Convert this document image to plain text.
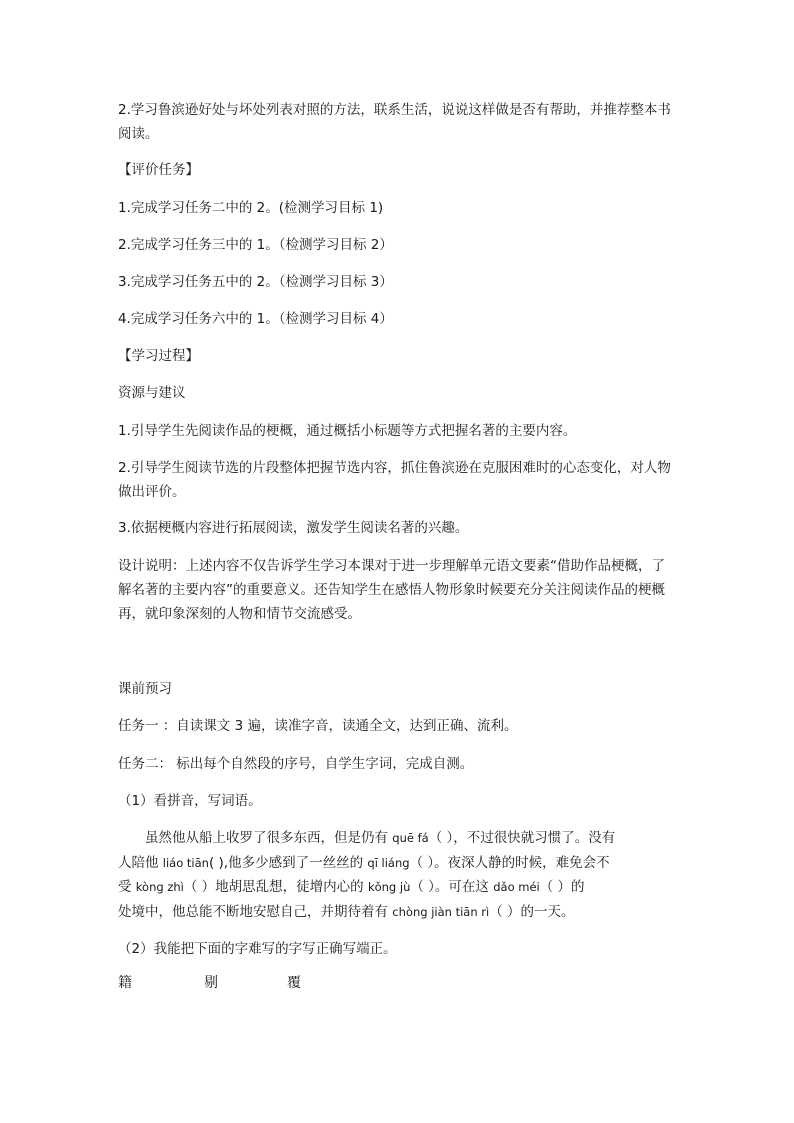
2.学习鲁滨逊好处与坏处列表对照的方法，联系生活，说说这样做是否有帮助，并推荐整本书阅读。
【评价任务】
1.完成学习任务二中的 2。(检测学习目标 1)
2.完成学习任务三中的 1。（检测学习目标 2）
3.完成学习任务五中的 2。（检测学习目标 3）
4.完成学习任务六中的 1。（检测学习目标 4）
【学习过程】
资源与建议
1.引导学生先阅读作品的梗概，通过概括小标题等方式把握名著的主要内容。
2.引导学生阅读节选的片段整体把握节选内容，抓住鲁滨逊在克服困难时的心态变化，对人物做出评价。
3.依据梗概内容进行拓展阅读，激发学生阅读名著的兴趣。
设计说明：上述内容不仅告诉学生学习本课对于进一步理解单元语文要素“借助作品梗概，了解名著的主要内容”的重要意义。还告知学生在感悟人物形象时候要充分关注阅读作品的梗概再，就印象深刻的人物和情节交流感受。
课前预习
任务一 ：自读课文 3 遍，读准字音，读通全文，达到正确、流利。
任务二： 标出每个自然段的序号，自学生字词，完成自测。
（1）看拼音，写词语。
虽然他从船上收罗了很多东西，但是仍有 quē fá（ ），不过很快就习惯了。没有
人陪他 liáo tiān( ),他多少感到了一丝丝的 qī liáng（ ）。夜深人静的时候，难免会不
受 kòng zhì（ ）地胡思乱想，徒增内心的 kǒng jù（ ）。可在这 dǎo méi（ ）的
处境中，他总能不断地安慰自己，并期待着有 chòng jiàn tiān rì（ ）的一天。
（2）我能把下面的字难写的字写正确写端正。
籍	剔	覆
